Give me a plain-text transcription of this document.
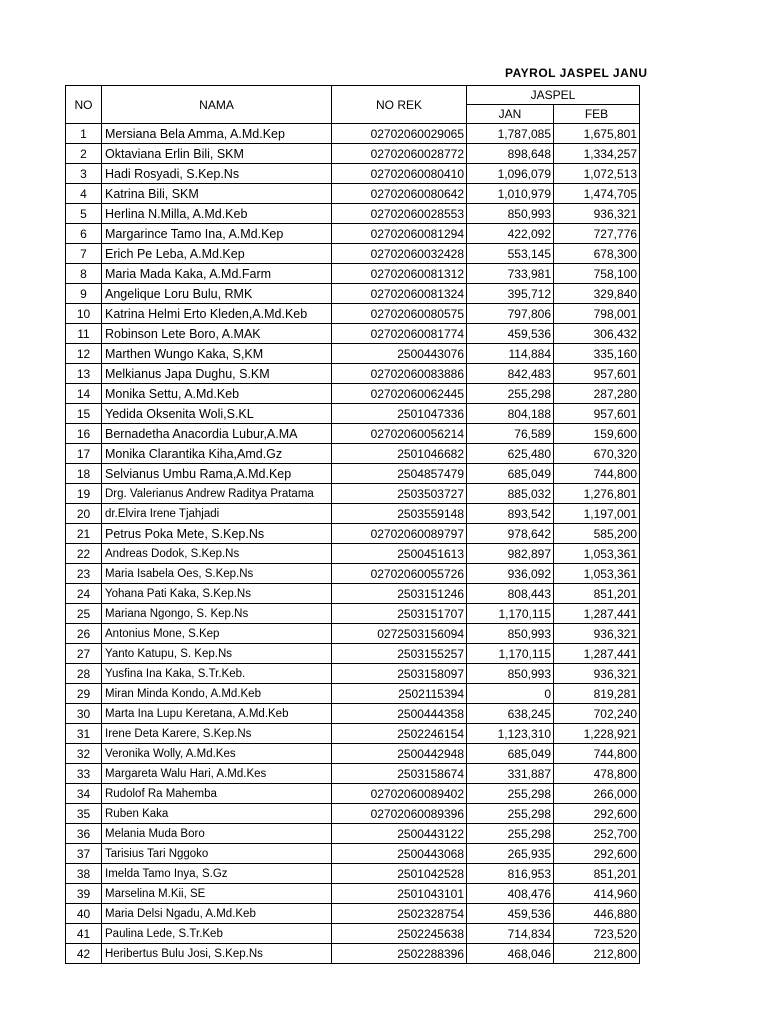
PAYROL JASPEL JANU
NO	NAMA	NO REK	JASPEL	
			JAN	FEB
1	Mersiana Bela Amma, A.Md.Kep	02702060029065	1,787,085	1,675,801
2	Oktaviana Erlin Bili, SKM	02702060028772	898,648	1,334,257
3	Hadi Rosyadi, S.Kep.Ns	02702060080410	1,096,079	1,072,513
4	Katrina Bili, SKM	02702060080642	1,010,979	1,474,705
5	Herlina N.Milla, A.Md.Keb	02702060028553	850,993	936,321
6	Margarince Tamo Ina, A.Md.Kep	02702060081294	422,092	727,776
7	Erich Pe Leba, A.Md.Kep	02702060032428	553,145	678,300
8	Maria Mada Kaka, A.Md.Farm	02702060081312	733,981	758,100
9	Angelique Loru Bulu, RMK	02702060081324	395,712	329,840
10	Katrina Helmi Erto Kleden,A.Md.Keb	02702060080575	797,806	798,001
11	Robinson Lete Boro, A.MAK	02702060081774	459,536	306,432
12	Marthen Wungo Kaka, S,KM	2500443076	114,884	335,160
13	Melkianus Japa Dughu, S.KM	02702060083886	842,483	957,601
14	Monika Settu, A.Md.Keb	02702060062445	255,298	287,280
15	Yedida Oksenita Woli,S.KL	2501047336	804,188	957,601
16	Bernadetha Anacordia Lubur,A.MA	02702060056214	76,589	159,600
17	Monika Clarantika Kiha,Amd.Gz	2501046682	625,480	670,320
18	Selvianus Umbu Rama,A.Md.Kep	2504857479	685,049	744,800
19	Drg. Valerianus Andrew Raditya Pratama	2503503727	885,032	1,276,801
20	dr.Elvira Irene Tjahjadi	2503559148	893,542	1,197,001
21	Petrus Poka Mete, S.Kep.Ns	02702060089797	978,642	585,200
22	Andreas Dodok, S.Kep.Ns	2500451613	982,897	1,053,361
23	Maria Isabela Oes, S.Kep.Ns	02702060055726	936,092	1,053,361
24	Yohana Pati Kaka, S.Kep.Ns	2503151246	808,443	851,201
25	Mariana Ngongo, S. Kep.Ns	2503151707	1,170,115	1,287,441
26	Antonius Mone, S.Kep	0272503156094	850,993	936,321
27	Yanto Katupu, S. Kep.Ns	2503155257	1,170,115	1,287,441
28	Yusfina Ina Kaka, S.Tr.Keb.	2503158097	850,993	936,321
29	Miran Minda Kondo, A.Md.Keb	2502115394	0	819,281
30	Marta Ina Lupu Keretana, A.Md.Keb	2500444358	638,245	702,240
31	Irene Deta Karere, S.Kep.Ns	2502246154	1,123,310	1,228,921
32	Veronika Wolly, A.Md.Kes	2500442948	685,049	744,800
33	Margareta Walu Hari, A.Md.Kes	2503158674	331,887	478,800
34	Rudolof Ra Mahemba	02702060089402	255,298	266,000
35	Ruben Kaka	02702060089396	255,298	292,600
36	Melania Muda Boro	2500443122	255,298	252,700
37	Tarisius Tari Nggoko	2500443068	265,935	292,600
38	Imelda Tamo Inya, S.Gz	2501042528	816,953	851,201
39	Marselina M.Kii, SE	2501043101	408,476	414,960
40	Maria Delsi Ngadu, A.Md.Keb	2502328754	459,536	446,880
41	Paulina Lede, S.Tr.Keb	2502245638	714,834	723,520
42	Heribertus Bulu Josi, S.Kep.Ns	2502288396	468,046	212,800
